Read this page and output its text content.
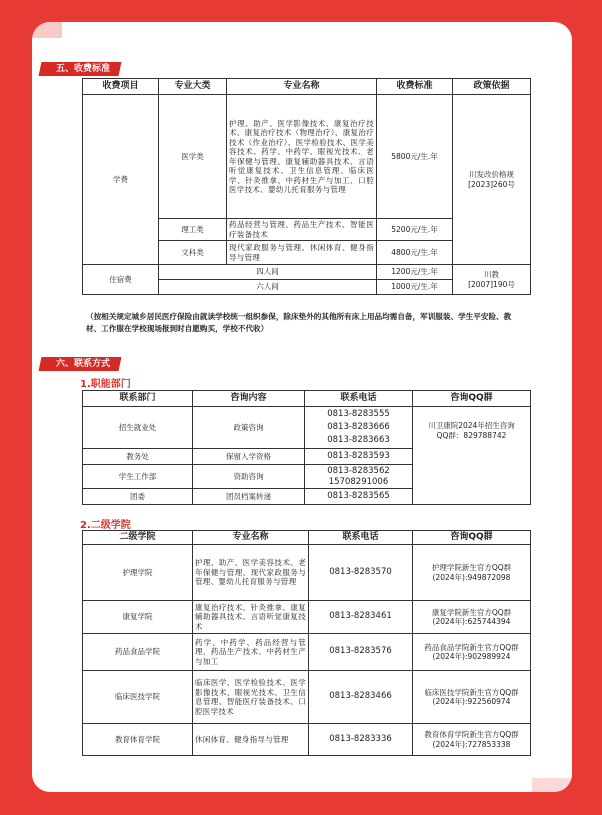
五、收费标准
收费项目	专业大类	专业名称	收费标准	政策依据
学费	医学类	护理、助产、医学影像技术、康复治疗技术、康复治疗技术（物理治疗）、康复治疗技术（作业治疗）、医学检验技术、医学美容技术、药学、中药学、眼视光技术、老年保健与管理、康复辅助器具技术、言语听觉康复技术、卫生信息管理、临床医学、针灸推拿、中药材生产与加工、口腔医学技术、婴幼儿托育服务与管理	5800元/生.年	川发改价格规
[2023]260号
	理工类	药品经营与管理、药品生产技术、智能医疗装备技术	5200元/生.年	
	文科类	现代家政服务与管理、休闲体育、健身指导与管理	4800元/生.年	
住宿费	四人间		1200元/生.年	川教
[2007]190号
	六人间		1000元/生.年	
（按相关规定城乡居民医疗保险由就读学校统一组织参保，除床垫外的其他所有床上用品均需自备，军训服装、学生平安险、教材、工作服在学校现场报到时自愿购买，学校不代收）
六、联系方式
1.职能部门
联系部门	咨询内容	联系电话	咨询QQ群
招生就业处	政策咨询	0813-8283555
0813-8283666
0813-8283663	川卫康院2024年招生咨询
QQ群：829788742
教务处	保留入学资格	0813-8283593	
学生工作部	资助咨询	0813-8283562
15708291006	
团委	团员档案转递	0813-8283565	
2.二级学院
二级学院	专业名称	联系电话	咨询QQ群
护理学院	护理、助产、医学美容技术、老年保健与管理、现代家政服务与管理、婴幼儿托育服务与管理	0813-8283570	护理学院新生官方QQ群
(2024年):949872098
康复学院	康复治疗技术、针灸推拿、康复辅助器具技术、言语听觉康复技术	0813-8283461	康复学院新生官方QQ群
(2024年):625744394
药品食品学院	药学、中药学、药品经营与管理、药品生产技术、中药材生产与加工	0813-8283576	药品食品学院新生官方QQ群
(2024年):902989924
临床医技学院	临床医学、医学检验技术、医学影像技术、眼视光技术、卫生信息管理、智能医疗装备技术、口腔医学技术	0813-8283466	临床医技学院新生官方QQ群
(2024年):922560974
教育体育学院	休闲体育、健身指导与管理	0813-8283336	教育体育学院新生官方QQ群
(2024年):727853338
